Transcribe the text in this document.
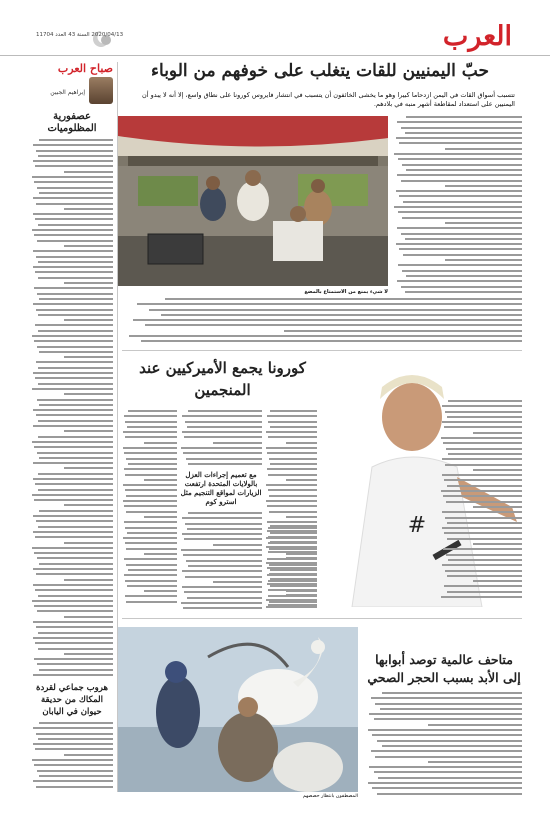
العرب
2020/04/13 السنة 43 العدد 11704
صباح العرب
إبراهيم الجبين
عصفورية المظلوميات
حبّ اليمنيين للقات يتغلب على خوفهم من الوباء
تتسبب أسواق القات في اليمن ازدحاما كبيرا وهو ما يخشى الخائفون أن يتسبب في انتشار فايروس كورونا على نطاق واسع، إلا أنه لا يبدو أن اليمنيين على استعداد لمقاطعة أشهر منبه في بلادهم.
لا شيء يمنع من الاستمتاع بالمضغ
#
كورونا يجمع الأميركيين عند المنجمين
مع تعميم إجراءات العزل بالولايات المتحدة ارتفعت الزيارات لمواقع التنجيم مثل استرو كوم
هروب جماعي لقردة المكاك من حديقة حيوان في اليابان
المصطفون بانتظار حصصهم
متاحف عالمية توصد أبوابها إلى الأبد بسبب الحجر الصحي
